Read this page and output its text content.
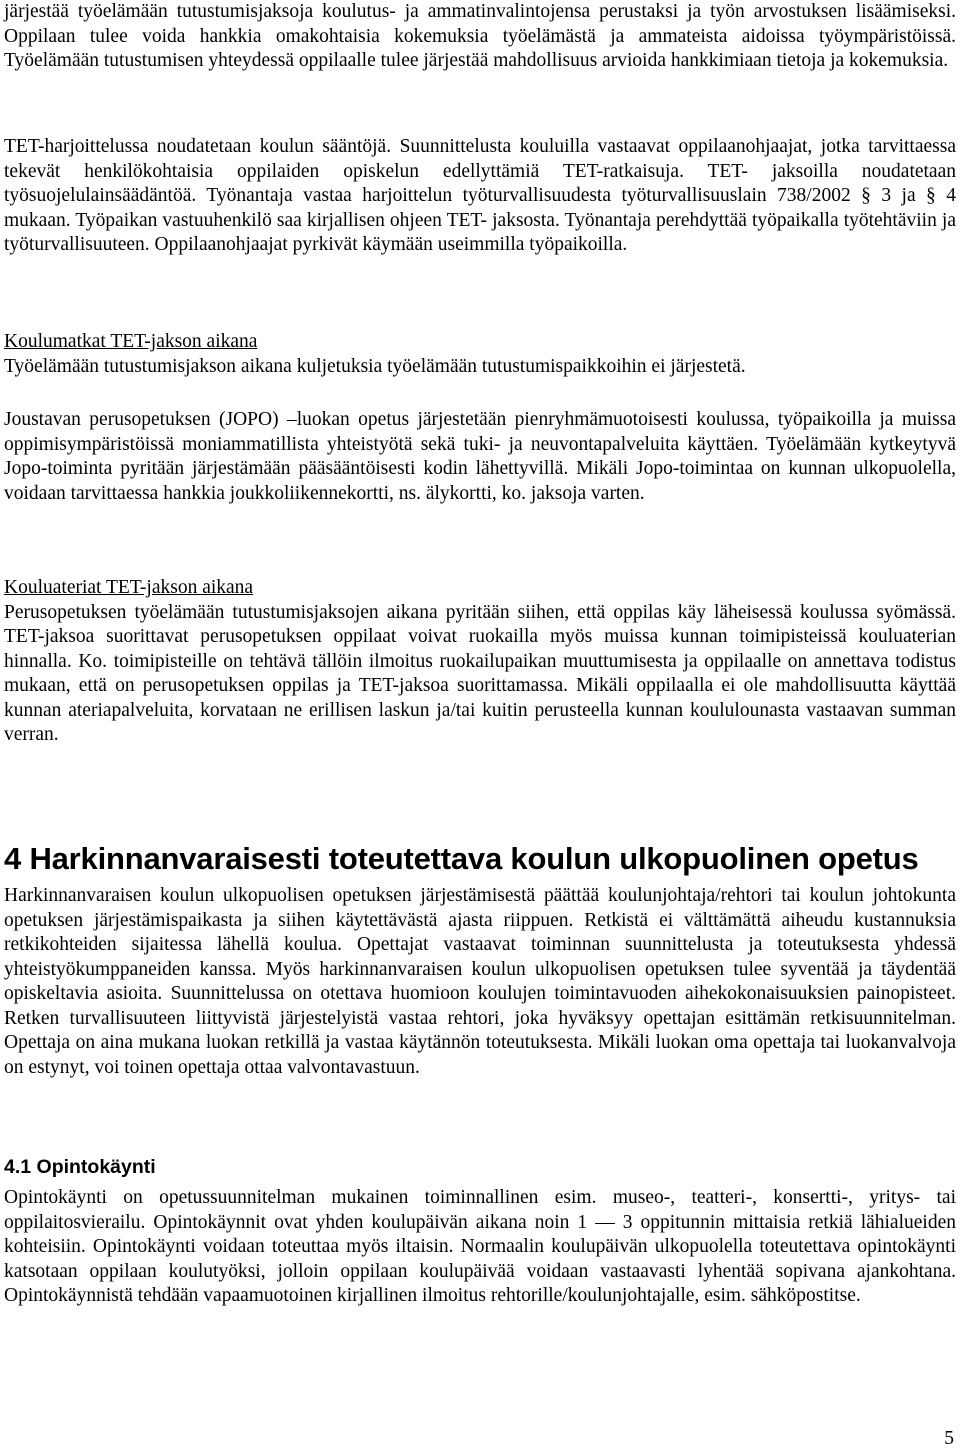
järjestää työelämään tutustumisjaksoja koulutus- ja ammatinvalintojensa perustaksi ja työn arvostuksen lisäämiseksi. Oppilaan tulee voida hankkia omakohtaisia kokemuksia työelämästä ja ammateista aidoissa työympäristöissä. Työelämään tutustumisen yhteydessä oppilaalle tulee järjestää mahdollisuus arvioida hankkimiaan tietoja ja kokemuksia.

TET-harjoittelussa noudatetaan koulun sääntöjä. Suunnittelusta kouluilla vastaavat oppilaanohjaajat, jotka tarvittaessa tekevät henkilökohtaisia oppilaiden opiskelun edellyttämiä TET-ratkaisuja. TET- jaksoilla noudatetaan työsuojelulainsäädäntöä. Työnantaja vastaa harjoittelun työturvallisuudesta työturvallisuuslain 738/2002 § 3 ja § 4 mukaan. Työpaikan vastuuhenkilö saa kirjallisen ohjeen TET- jaksosta. Työnantaja perehdyttää työpaikalla työtehtäviin ja työturvallisuuteen. Oppilaanohjaajat pyrkivät käymään useimmilla työpaikoilla.

Koulumatkat TET-jakson aikana

Työelämään tutustumisjakson aikana kuljetuksia työelämään tutustumispaikkoihin ei järjestetä.

Joustavan perusopetuksen (JOPO) –luokan opetus järjestetään pienryhmämuotoisesti koulussa, työpaikoilla ja muissa oppimisympäristöissä moniammatillista yhteistyötä sekä tuki- ja neuvontapalveluita käyttäen. Työelämään kytkeytyvä Jopo-toiminta pyritään järjestämään pääsääntöisesti kodin lähettyvillä. Mikäli Jopo-toimintaa on kunnan ulkopuolella, voidaan tarvittaessa hankkia joukkoliikennekortti, ns. älykortti, ko. jaksoja varten.

Kouluateriat TET-jakson aikana

Perusopetuksen työelämään tutustumisjaksojen aikana pyritään siihen, että oppilas käy läheisessä koulussa syömässä. TET-jaksoa suorittavat perusopetuksen oppilaat voivat ruokailla myös muissa kunnan toimipisteissä kouluaterian hinnalla. Ko. toimipisteille on tehtävä tällöin ilmoitus ruokailupaikan muuttumisesta ja oppilaalle on annettava todistus mukaan, että on perusopetuksen oppilas ja TET-jaksoa suorittamassa. Mikäli oppilaalla ei ole mahdollisuutta käyttää kunnan ateriapalveluita, korvataan ne erillisen laskun ja/tai kuitin perusteella kunnan koululounasta vastaavan summan verran.

4 Harkinnanvaraisesti toteutettava koulun ulkopuolinen opetus

Harkinnanvaraisen koulun ulkopuolisen opetuksen järjestämisestä päättää koulunjohtaja/rehtori tai koulun johtokunta opetuksen järjestämispaikasta ja siihen käytettävästä ajasta riippuen. Retkistä ei välttämättä aiheudu kustannuksia retkikohteiden sijaitessa lähellä koulua. Opettajat vastaavat toiminnan suunnittelusta ja toteutuksesta yhdessä yhteistyökumppaneiden kanssa. Myös harkinnanvaraisen koulun ulkopuolisen opetuksen tulee syventää ja täydentää opiskeltavia asioita. Suunnittelussa on otettava huomioon koulujen toimintavuoden aihekokonaisuuksien painopisteet. Retken turvallisuuteen liittyvistä järjestelyistä vastaa rehtori, joka hyväksyy opettajan esittämän retkisuunnitelman. Opettaja on aina mukana luokan retkillä ja vastaa käytännön toteutuksesta. Mikäli luokan oma opettaja tai luokanvalvoja on estynyt, voi toinen opettaja ottaa valvontavastuun.

4.1 Opintokäynti

Opintokäynti on opetussuunnitelman mukainen toiminnallinen esim. museo-, teatteri-, konsertti-, yritys- tai oppilaitosvierailu. Opintokäynnit ovat yhden koulupäivän aikana noin 1 — 3 oppitunnin mittaisia retkiä lähialueiden kohteisiin. Opintokäynti voidaan toteuttaa myös iltaisin. Normaalin koulupäivän ulkopuolella toteutettava opintokäynti katsotaan oppilaan koulutyöksi, jolloin oppilaan koulupäivää voidaan vastaavasti lyhentää sopivana ajankohtana. Opintokäynnistä tehdään vapaamuotoinen kirjallinen ilmoitus rehtorille/koulunjohtajalle, esim. sähköpostitse.

5
